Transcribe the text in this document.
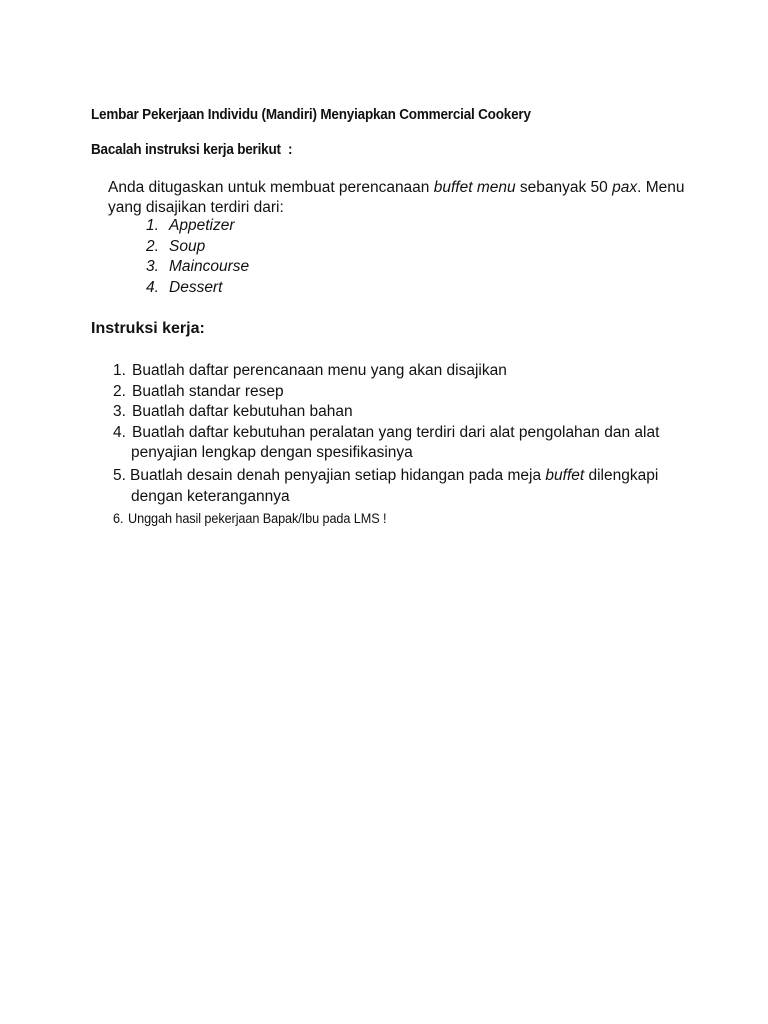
Lembar Pekerjaan Individu (Mandiri) Menyiapkan Commercial Cookery
Bacalah instruksi kerja berikut  :

Anda ditugaskan untuk membuat perencanaan buffet menu sebanyak 50 pax. Menu yang disajikan terdiri dari:

1. Appetizer
2. Soup
3. Maincourse
4. Dessert
Instruksi kerja:
1. Buatlah daftar perencanaan menu yang akan disajikan
2. Buatlah standar resep
3. Buatlah daftar kebutuhan bahan
4. Buatlah daftar kebutuhan peralatan yang terdiri dari alat pengolahan dan alat
penyajian lengkap dengan spesifikasinya
5. Buatlah desain denah penyajian setiap hidangan pada meja buffet dilengkapi
dengan keterangannya
6. Unggah hasil pekerjaan Bapak/Ibu pada LMS !
